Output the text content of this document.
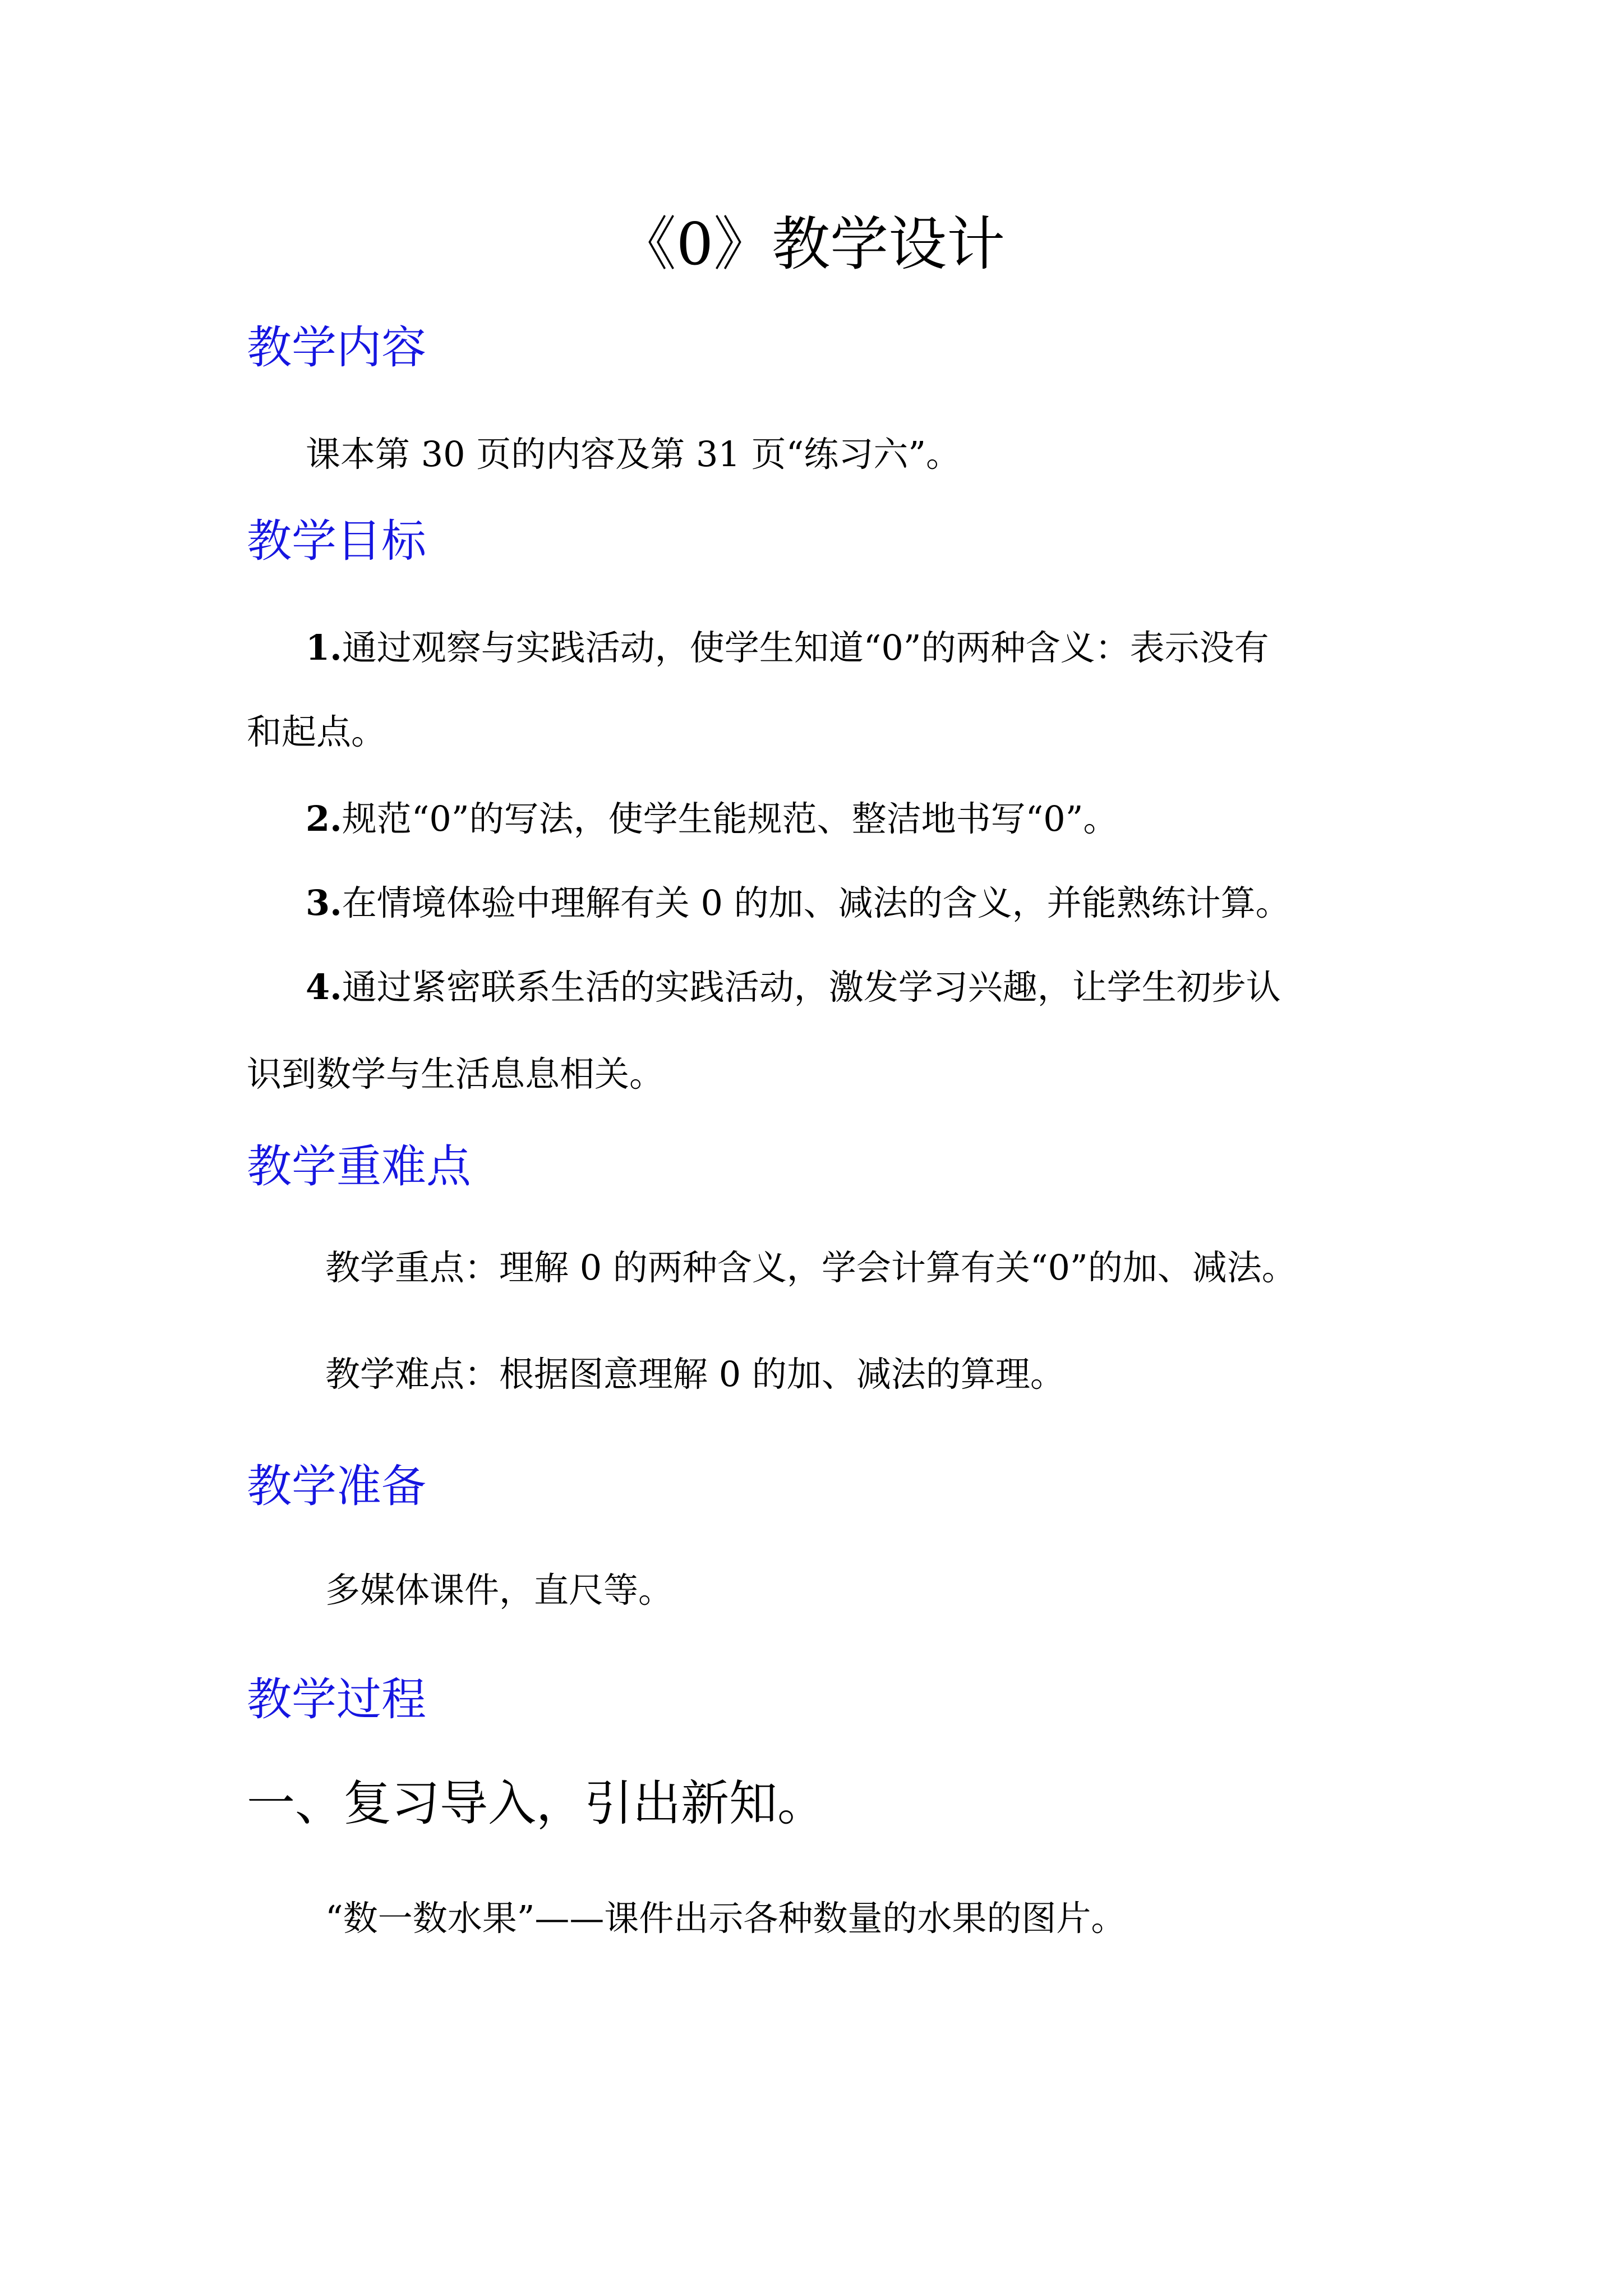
《0》教学设计
教学内容
课本第 30 页的内容及第 31 页“练习六”。
教学目标
1.通过观察与实践活动，使学生知道“0”的两种含义：表示没有
和起点。
2.规范“0”的写法，使学生能规范、整洁地书写“0”。
3.在情境体验中理解有关 0 的加、减法的含义，并能熟练计算。
4.通过紧密联系生活的实践活动，激发学习兴趣，让学生初步认
识到数学与生活息息相关。
教学重难点
教学重点：理解 0 的两种含义，学会计算有关“0”的加、减法。
教学难点：根据图意理解 0 的加、减法的算理。
教学准备
多媒体课件，直尺等。
教学过程
一、复习导入，引出新知。
“数一数水果”——课件出示各种数量的水果的图片。
